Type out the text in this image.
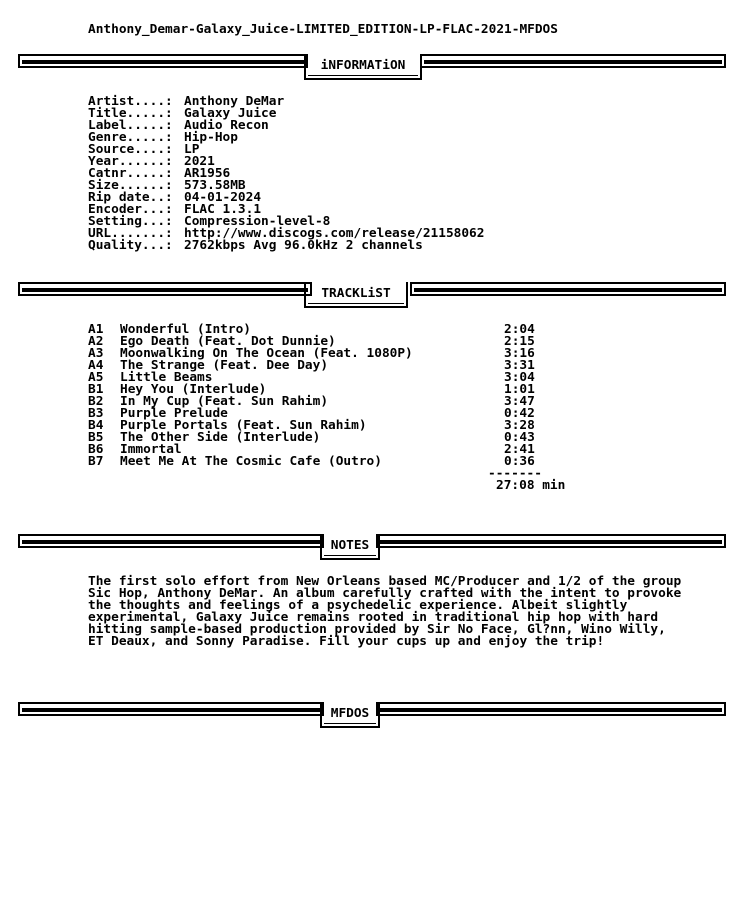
Anthony_Demar-Galaxy_Juice-LIMITED_EDITION-LP-FLAC-2021-MFDOS
iNFORMATiON
Artist....: Anthony DeMar
Title.....: Galaxy Juice
Label.....: Audio Recon
Genre.....: Hip-Hop
Source....: LP
Year......: 2021
Catnr.....: AR1956
Size......: 573.58MB
Rip date..: 04-01-2024
Encoder...: FLAC 1.3.1
Setting...: Compression-level-8
URL.......: http://www.discogs.com/release/21158062
Quality...: 2762kbps Avg 96.0kHz 2 channels
TRACKLiST
A1 Wonderful (Intro)	2:04
A2 Ego Death (Feat. Dot Dunnie)	2:15
A3 Moonwalking On The Ocean (Feat. 1080P)	3:16
A4 The Strange (Feat. Dee Day)	3:31
A5 Little Beams	3:04
B1 Hey You (Interlude)	1:01
B2 In My Cup (Feat. Sun Rahim)	3:47
B3 Purple Prelude	0:42
B4 Purple Portals (Feat. Sun Rahim)	3:28
B5 The Other Side (Interlude)	0:43
B6 Immortal	2:41
B7 Meet Me At The Cosmic Cafe (Outro)	0:36
-------
27:08 min
NOTES
The first solo effort from New Orleans based MC/Producer and 1/2 of the group Sic Hop, Anthony DeMar. An album carefully crafted with the intent to provoke the thoughts and feelings of a psychedelic experience. Albeit slightly experimental, Galaxy Juice remains rooted in traditional hip hop with hard hitting sample-based production provided by Sir No Face, Gl?nn, Wino Willy, ET Deaux, and Sonny Paradise. Fill your cups up and enjoy the trip!
MFDOS
